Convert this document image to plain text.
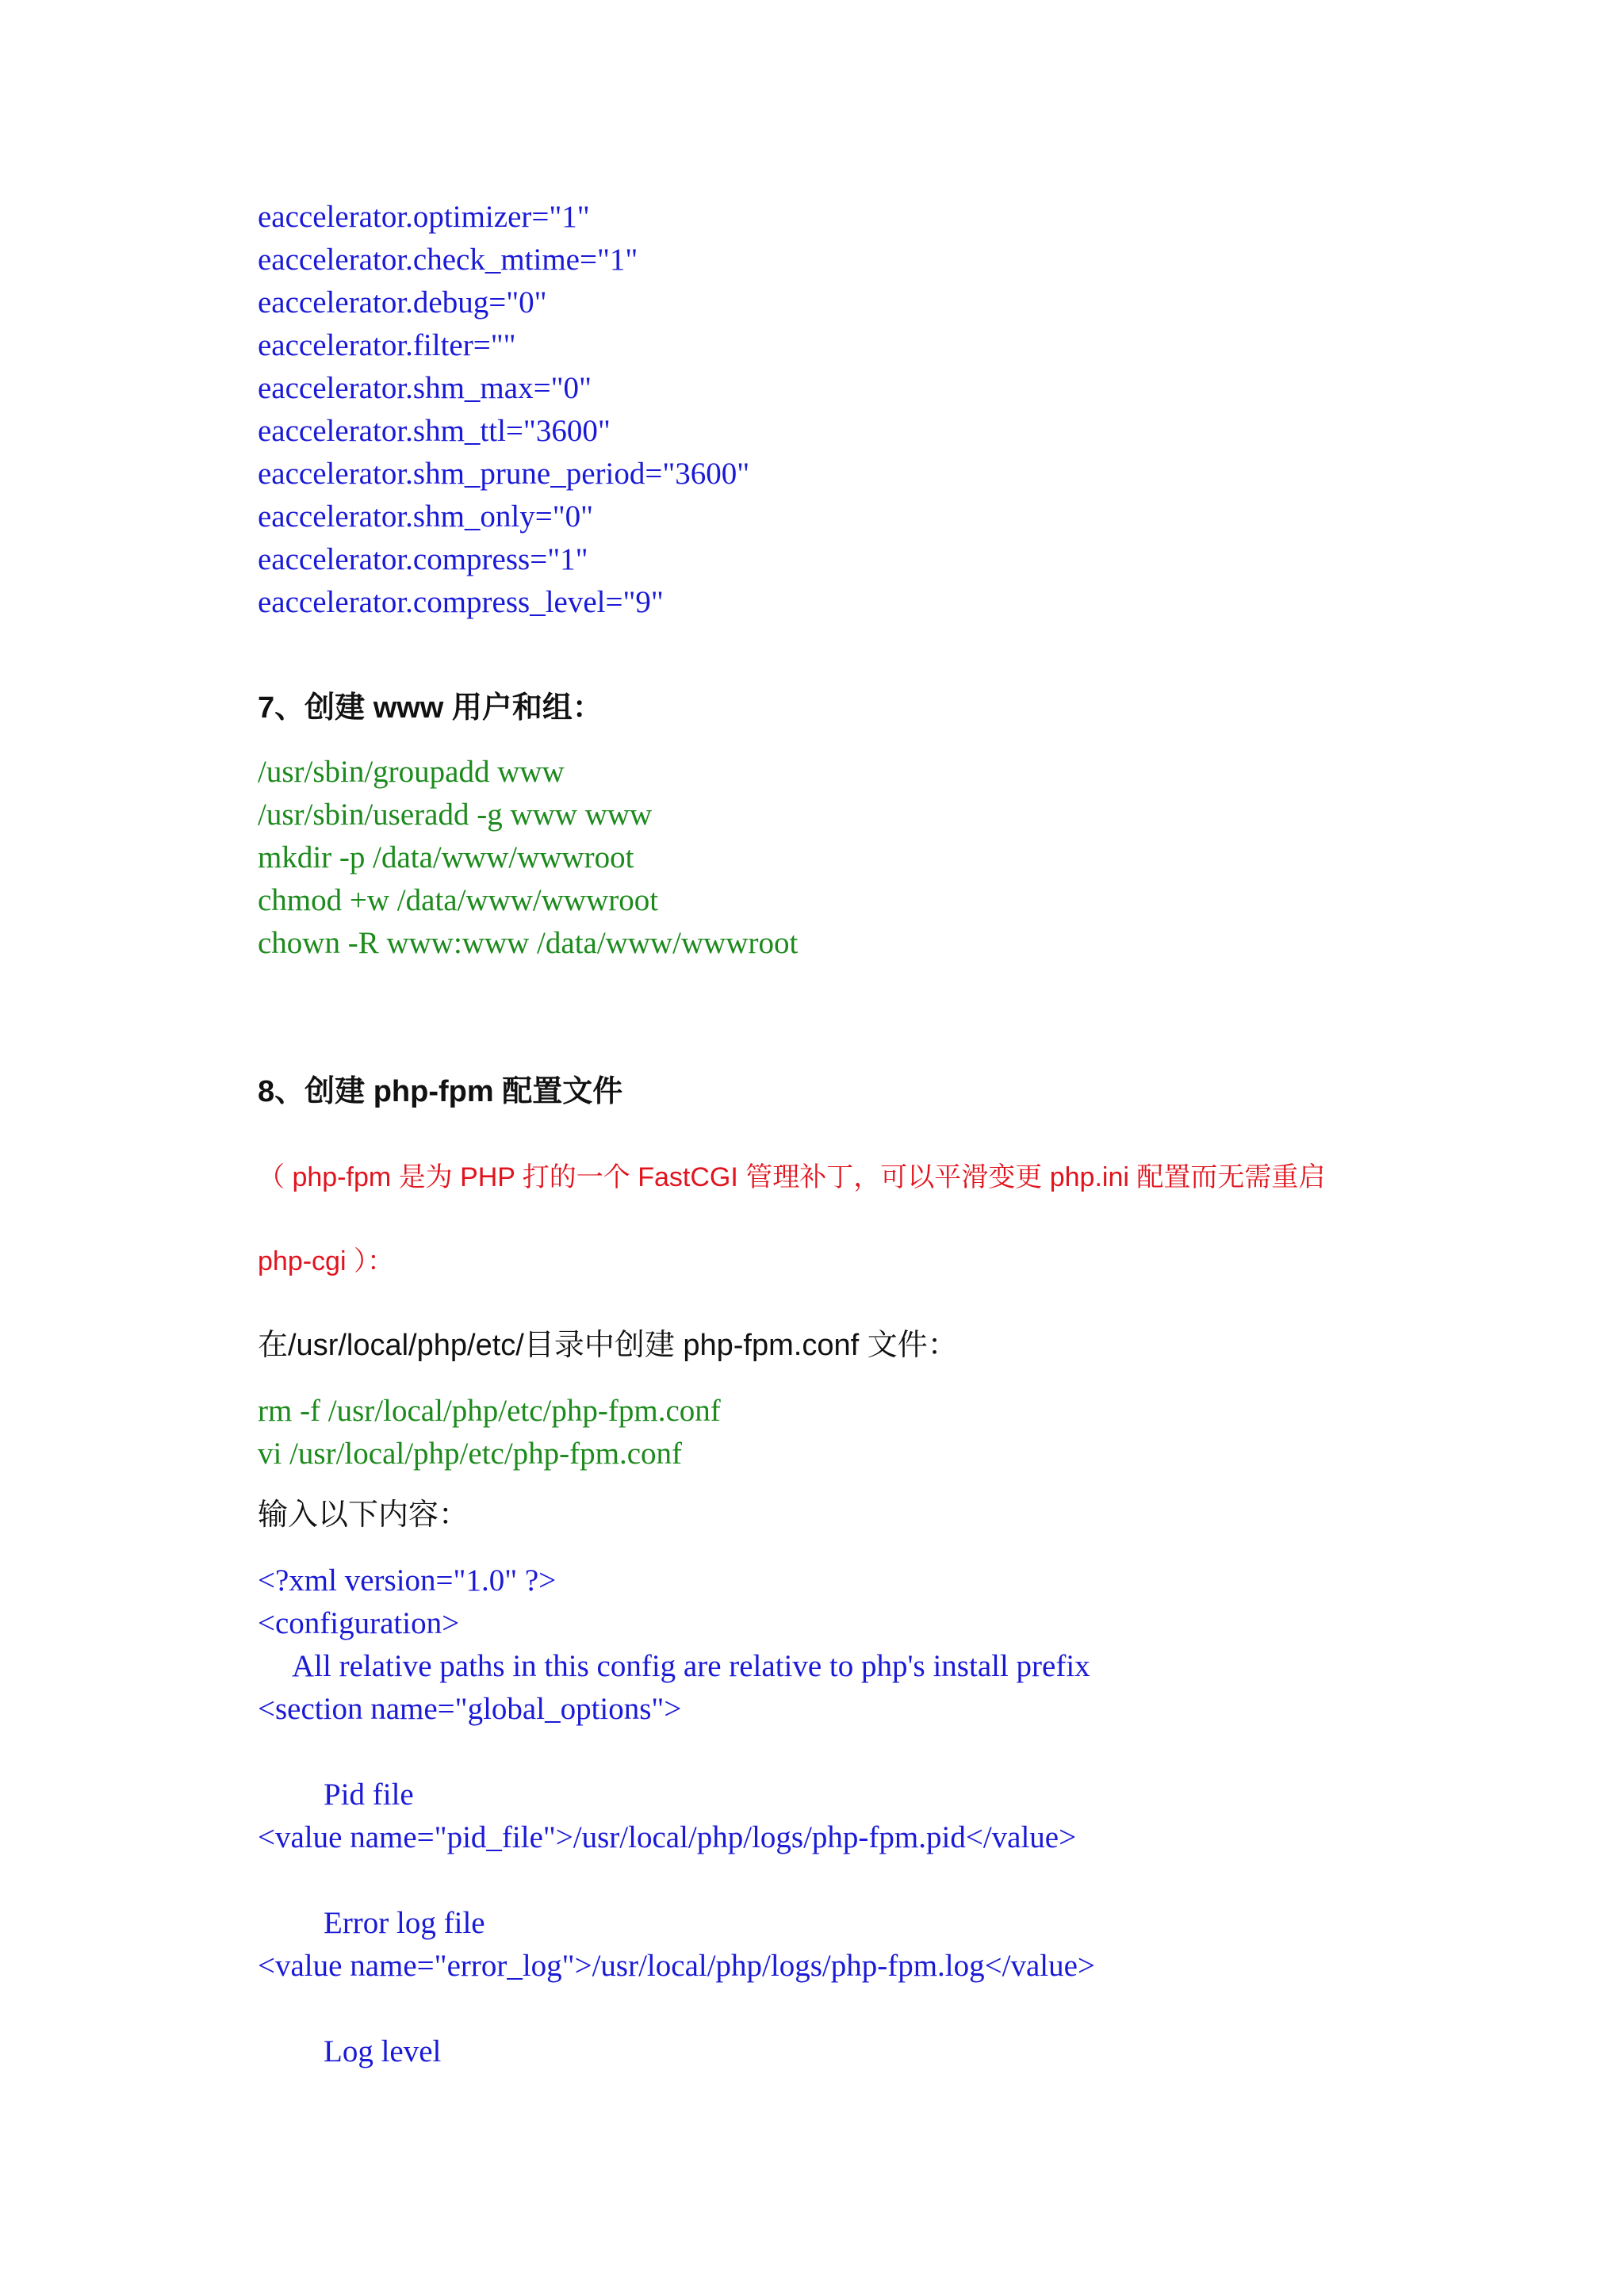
eaccelerator.optimizer="1"
eaccelerator.check_mtime="1"
eaccelerator.debug="0"
eaccelerator.filter=""
eaccelerator.shm_max="0"
eaccelerator.shm_ttl="3600"
eaccelerator.shm_prune_period="3600"
eaccelerator.shm_only="0"
eaccelerator.compress="1"
eaccelerator.compress_level="9"
7、创建 www 用户和组：
/usr/sbin/groupadd www
/usr/sbin/useradd -g www www
mkdir -p /data/www/wwwroot
chmod +w /data/www/wwwroot
chown -R www:www /data/www/wwwroot
8、创建 php-fpm 配置文件
（ php-fpm 是为 PHP 打的一个 FastCGI 管理补丁，可以平滑变更 php.ini 配置而无需重启
php-cgi ）：
在/usr/local/php/etc/目录中创建 php-fpm.conf 文件：
rm -f /usr/local/php/etc/php-fpm.conf
vi /usr/local/php/etc/php-fpm.conf
输入以下内容：
<?xml version="1.0" ?>
<configuration>
All relative paths in this config are relative to php's install prefix
<section name="global_options">
Pid file
<value name="pid_file">/usr/local/php/logs/php-fpm.pid</value>
Error log file
<value name="error_log">/usr/local/php/logs/php-fpm.log</value>
Log level
